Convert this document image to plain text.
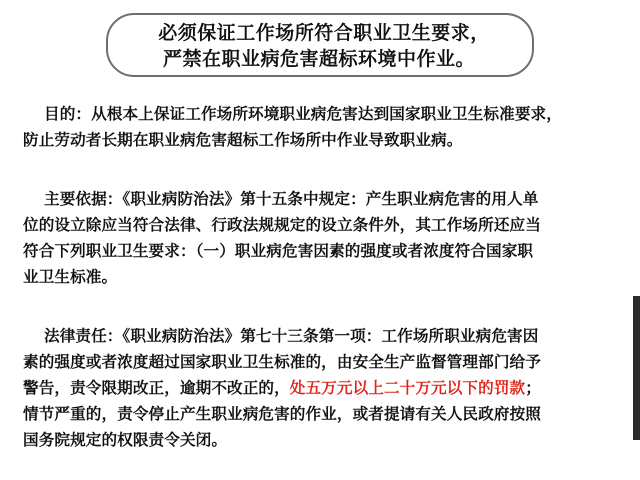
必须保证工作场所符合职业卫生要求，
严禁在职业病危害超标环境中作业。
目的：从根本上保证工作场所环境职业病危害达到国家职业卫生标准要求，
防止劳动者长期在职业病危害超标工作场所中作业导致职业病。
主要依据：《职业病防治法》第十五条中规定：产生职业病危害的用人单
位的设立除应当符合法律、行政法规规定的设立条件外，其工作场所还应当
符合下列职业卫生要求：（一）职业病危害因素的强度或者浓度符合国家职
业卫生标准。
法律责任：《职业病防治法》第七十三条第一项：工作场所职业病危害因
素的强度或者浓度超过国家职业卫生标准的，由安全生产监督管理部门给予
警告，责令限期改正，逾期不改正的，处五万元以上二十万元以下的罚款；
情节严重的，责令停止产生职业病危害的作业，或者提请有关人民政府按照
国务院规定的权限责令关闭。
